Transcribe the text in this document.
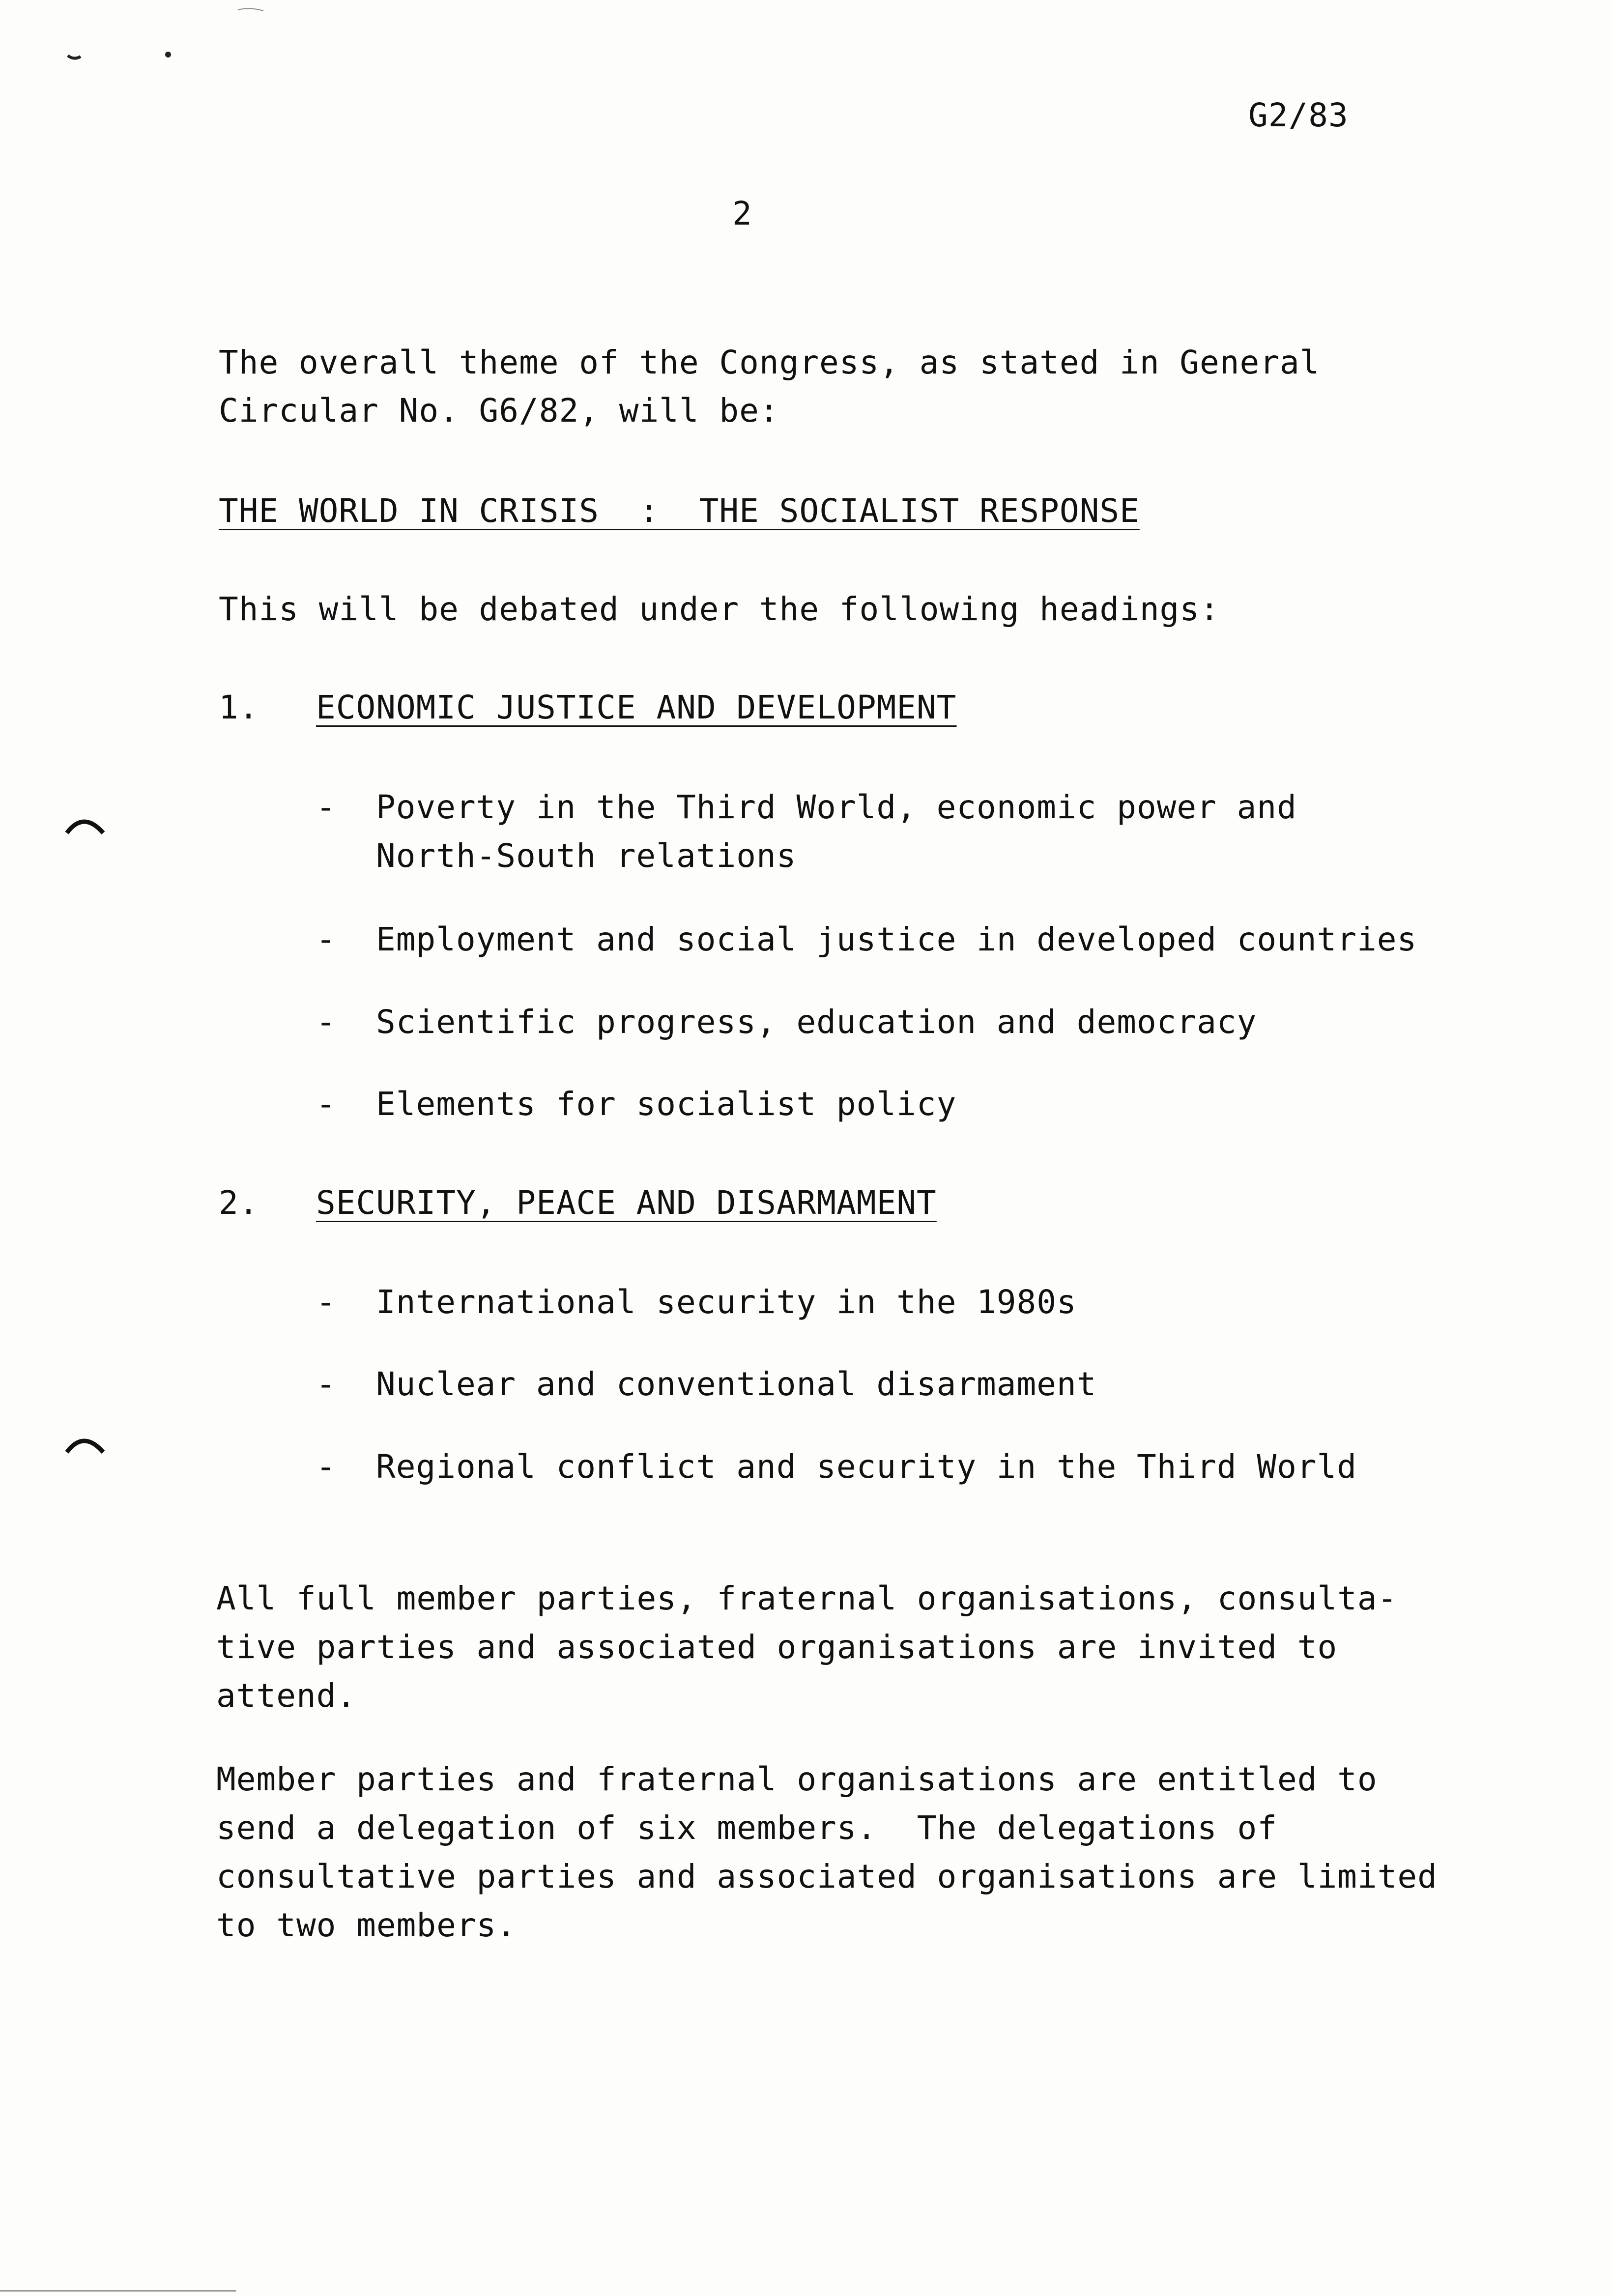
G2/83
2
The overall theme of the Congress, as stated in General
Circular No. G6/82, will be:
THE WORLD IN CRISIS  :  THE SOCIALIST RESPONSE
This will be debated under the following headings:
1. ECONOMIC JUSTICE AND DEVELOPMENT
- Poverty in the Third World, economic power and
North-South relations
- Employment and social justice in developed countries
- Scientific progress, education and democracy
- Elements for socialist policy
2. SECURITY, PEACE AND DISARMAMENT
- International security in the 1980s
- Nuclear and conventional disarmament
- Regional conflict and security in the Third World
All full member parties, fraternal organisations, consulta-
tive parties and associated organisations are invited to
attend.
Member parties and fraternal organisations are entitled to
send a delegation of six members.  The delegations of
consultative parties and associated organisations are limited
to two members.
